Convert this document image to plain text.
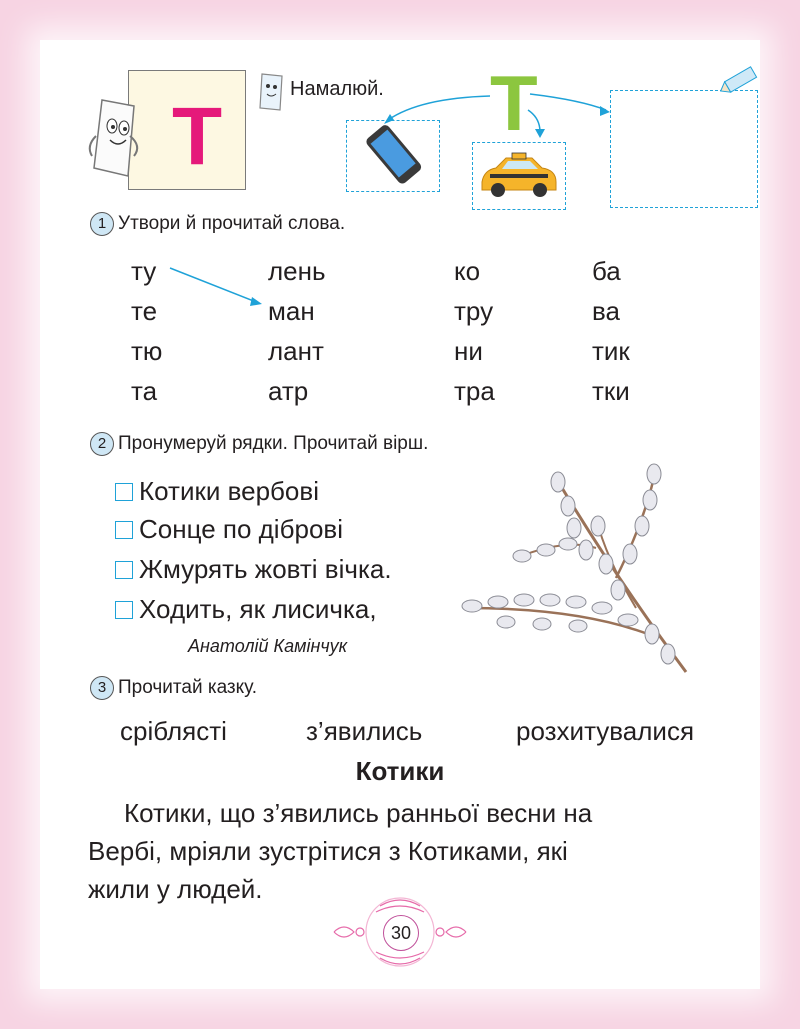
Т
Намалюй. Т
1 Утвори й прочитай слова.
ту	лень	ко	ба
те	ман	тру	ва
тю	лант	ни	тик
та	атр	тра	тки
2 Пронумеруй рядки. Прочитай вірш.
Котики вербові
Сонце по діброві
Жмурять жовті вічка.
Ходить, як лисичка,
Анатолій Камінчук
3 Прочитай казку.
сріблясті	з’явились	розхитувалися
Котики
Котики, що з’явились ранньої весни на
Вербі, мріяли зустрітися з Котиками, які
жили у людей.
30
